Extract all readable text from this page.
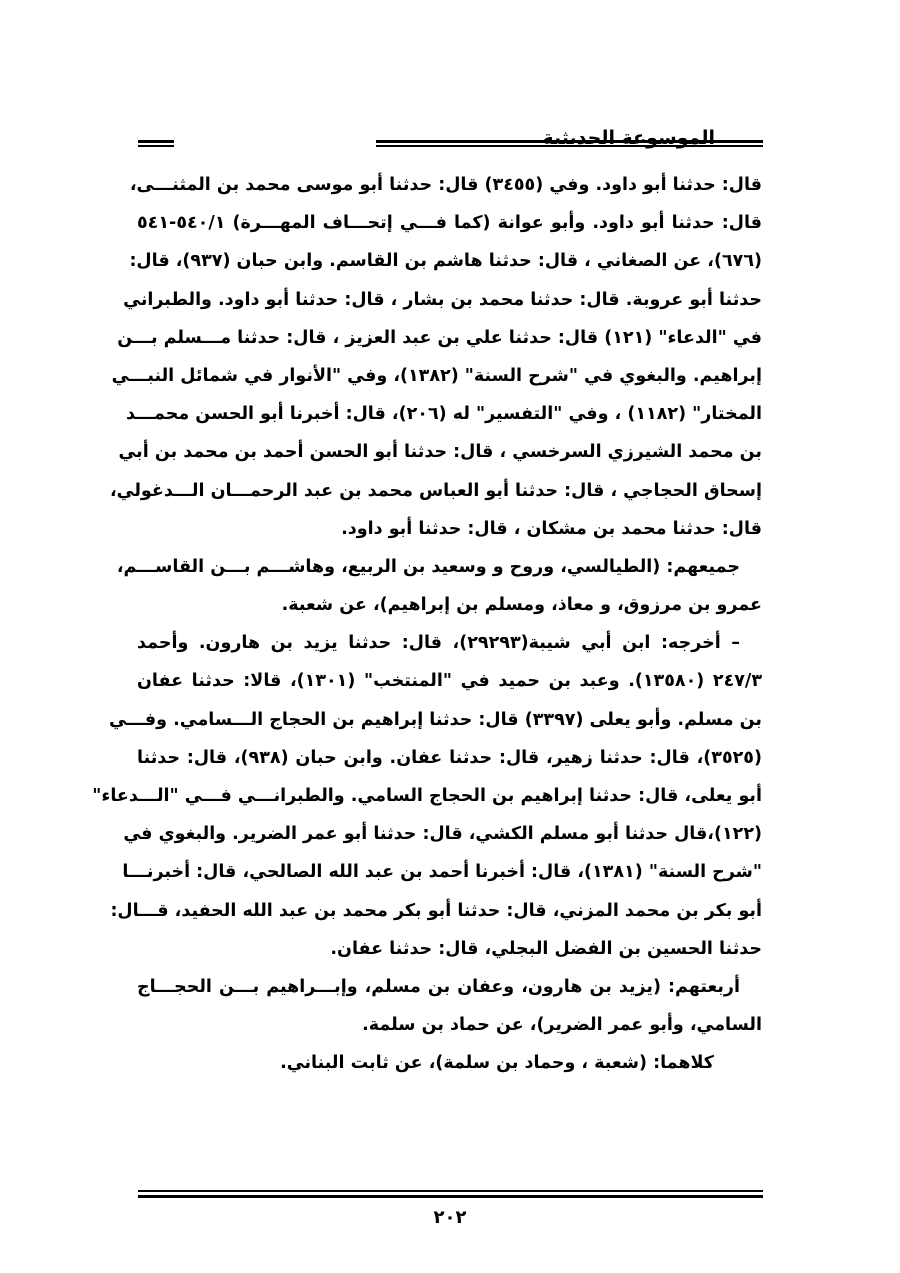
الموسوعة الحديثية
قال: حدثنا أبو داود. وفي (٣٤٥٥) قال: حدثنا أبو موسى محمد بن المثنـــى،
قال: حدثنا أبو داود. وأبو عوانة (كما فـــي إتحـــاف المهـــرة) ٥٤٠/١-٥٤١
(٦٧٦)، عن الصغاني ، قال: حدثنا هاشم بن القاسم. وابن حبان (٩٣٧)، قال:
حدثنا أبو عروبة. قال: حدثنا محمد بن بشار ، قال: حدثنا أبو داود. والطبراني
في "الدعاء" (١٢١) قال: حدثنا علي بن عبد العزيز ، قال: حدثنا مـــسلم بـــن
إبراهيم. والبغوي في "شرح السنة" (١٣٨٢)، وفي "الأنوار في شمائل النبـــي
المختار" (١١٨٢) ، وفي "التفسير" له (٢٠٦)، قال: أخبرنا أبو الحسن محمـــد
بن محمد الشيرزي السرخسي ، قال: حدثنا أبو الحسن أحمد بن محمد بن أبي
إسحاق الحجاجي ، قال: حدثنا أبو العباس محمد بن عبد الرحمـــان الـــدغولي،
قال: حدثنا محمد بن مشكان ، قال: حدثنا أبو داود.
جميعهم: (الطيالسي، وروح و وسعيد بن الربيع، وهاشـــم بـــن القاســـم،
عمرو بن مرزوق، و معاذ، ومسلم بن إبراهيم)، عن شعبة.
– أخرجه: ابن أبي شيبة(٢٩٢٩٣)، قال: حدثنا يزيد بن هارون. وأحمد
٢٤٧/٣ (١٣٥٨٠). وعبد بن حميد في "المنتخب" (١٣٠١)، قالا: حدثنا عفان
بن مسلم. وأبو يعلى (٣٣٩٧) قال: حدثنا إبراهيم بن الحجاج الـــسامي. وفـــي
(٣٥٢٥)، قال: حدثنا زهير، قال: حدثنا عفان. وابن حبان (٩٣٨)، قال: حدثنا
أبو يعلى، قال: حدثنا إبراهيم بن الحجاج السامي. والطبرانـــي فـــي "الـــدعاء"
(١٢٢)،قال حدثنا أبو مسلم الكشي، قال: حدثنا أبو عمر الضرير. والبغوي في
"شرح السنة" (١٣٨١)، قال: أخبرنا أحمد بن عبد الله الصالحي، قال: أخبرنـــا
أبو بكر بن محمد المزني، قال: حدثنا أبو بكر محمد بن عبد الله الحفيد، قـــال:
حدثنا الحسين بن الفضل البجلي، قال: حدثنا عفان.
أربعتهم: (يزيد بن هارون، وعفان بن مسلم، وإبـــراهيم بـــن الحجـــاج
السامي، وأبو عمر الضرير)، عن حماد بن سلمة.
كلاهما: (شعبة ، وحماد بن سلمة)، عن ثابت البناني.
٢٠٢
